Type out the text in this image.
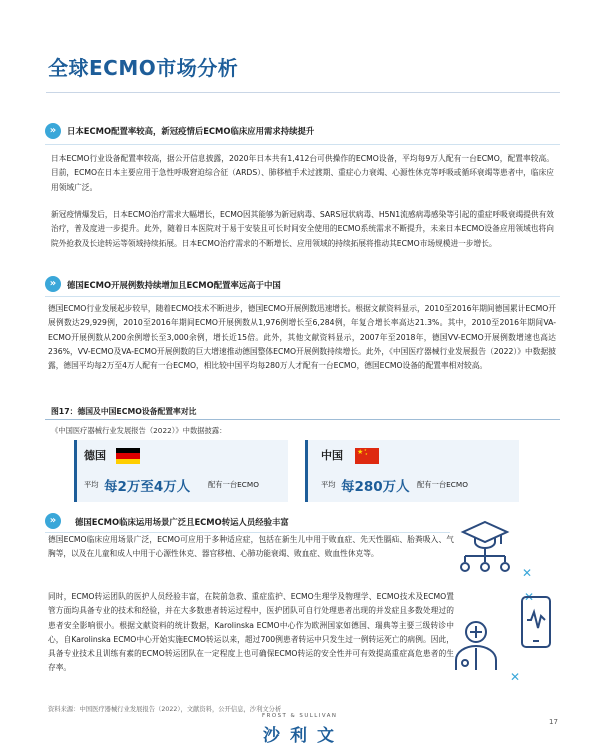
全球ECMO市场分析
»	日本ECMO配置率较高，新冠疫情后ECMO临床应用需求持续提升
日本ECMO行业设备配置率较高，据公开信息披露，2020年日本共有1,412台可供操作的ECMO设备，平均每9万人配有一台ECMO，配置率较高。目前，ECMO在日本主要应用于急性呼吸窘迫综合征（ARDS）、肺移植手术过渡期、重症心力衰竭、心源性休克等呼吸或循环衰竭等患者中，临床应用领域广泛。
新冠疫情爆发后，日本ECMO治疗需求大幅增长，ECMO因其能够为新冠病毒、SARS冠状病毒、H5N1流感病毒感染等引起的重症呼吸衰竭提供有效治疗，普及度进一步提升。此外，随着日本医院对于易于安装且可长时间安全使用的ECMO系统需求不断提升，未来日本ECMO设备应用领域也将向院外抢救及长途转运等领域持续拓展。日本ECMO治疗需求的不断增长、应用领域的持续拓展将推动其ECMO市场规模进一步增长。
»	德国ECMO开展例数持续增加且ECMO配置率远高于中国
德国ECMO行业发展起步较早，随着ECMO技术不断进步，德国ECMO开展例数迅速增长。根据文献资料显示，2010至2016年期间德国累计ECMO开展例数达29,929例，2010至2016年期间ECMO开展例数从1,976例增长至6,284例，年复合增长率高达21.3%。其中，2010至2016年期间VA-ECMO开展例数从200余例增长至3,000余例，增长近15倍。此外，其他文献资料显示，2007年至2018年，德国VV-ECMO开展例数增速也高达236%，VV-ECMO及VA-ECMO开展例数的巨大增速推动德国整体ECMO开展例数持续增长。此外，《中国医疗器械行业发展报告（2022）》中数据披露，德国平均每2万至4万人配有一台ECMO，相比较中国平均每280万人才配有一台ECMO，德国ECMO设备的配置率相对较高。
图17：德国及中国ECMO设备配置率对比
《中国医疗器械行业发展报告（2022）》中数据披露：
德国
平均 每2万至4万人 配有一台ECMO
中国 ★ ★
★
平均 每280万人 配有一台ECMO
»	德国ECMO临床运用场景广泛且ECMO转运人员经验丰富
德国ECMO临床应用场景广泛，ECMO可应用于多种适应症，包括在新生儿中用于败血症、先天性膈疝、胎粪吸入、气胸等，以及在儿童和成人中用于心源性休克、器官移植、心肺功能衰竭、败血症、败血性休克等。
同时，ECMO转运团队的医护人员经验丰富，在院前急救、重症监护、ECMO生理学及物理学、ECMO技术及ECMO置管方面均具备专业的技术和经验，并在大多数患者转运过程中，医护团队可自行处理患者出现的并发症且多数处理过的患者安全影响很小。根据文献资料的统计数据，Karolinska ECMO中心作为欧洲国家如德国、瑞典等主要三级转诊中心，自Karolinska ECMO中心开始实施ECMO转运以来，超过700例患者转运中只发生过一例转运死亡的病例。因此，具备专业技术且训练有素的ECMO转运团队在一定程度上也可确保ECMO转运的安全性并可有效提高重症高危患者的生存率。
✕
✕
✕
资料来源：中国医疗器械行业发展报告（2022），文献资料，公开信息，沙利文分析
FROST & SULLIVAN
沙利文
17
